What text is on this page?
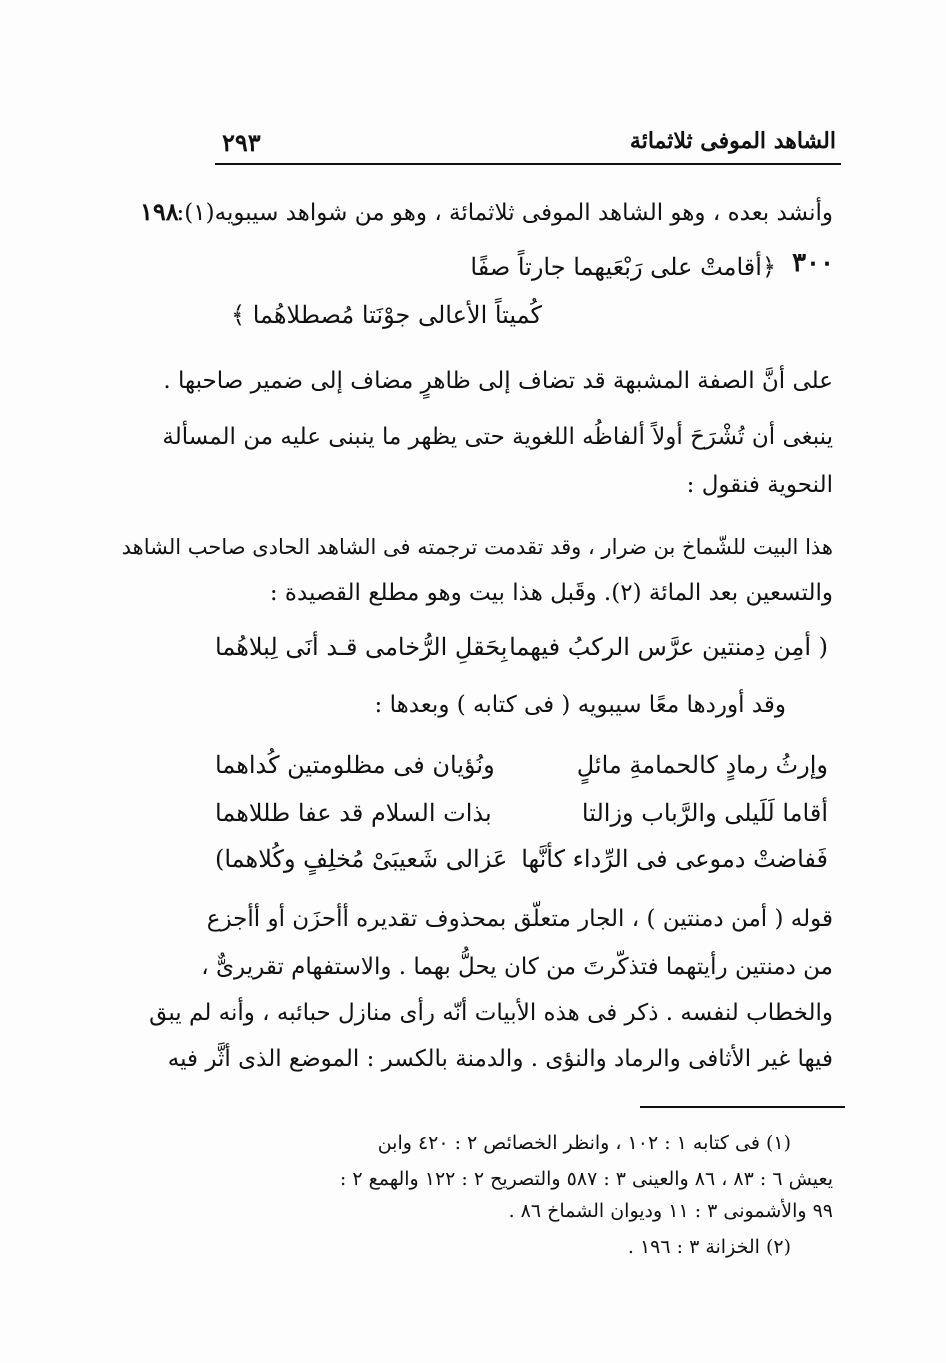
الشاهد الموفى ثلاثمائة
٢٩٣
١٩٨
وأنشد بعده ، وهو الشاهد الموفى ثلاثمائة ، وهو من شواهد سيبويه(١):
٣٠٠
﴿أقامتْ على رَبْعَيهما جارتاً صفًا
كُمیتاً الأعالی جوْنَتا مُصطلاهُما ﴾
على أنَّ الصفة المشبهة قد تضاف إلى ظاهرٍ مضاف إلى ضمير صاحبها .
ينبغی أن تُشْرَحَ أولاً ألفاظُه اللغوية حتى يظهر ما ينبنی عليه من المسألة
النحوية فنقول :
هذا البيت للشّماخ بن ضرار ، وقد تقدمت ترجمته فی الشاهد الحادی صاحب الشاهد
والتسعين بعد المائة (٢). وقَبل هذا بيت وهو مطلع القصيدة :
( أمِن دِمنتين عرَّس الركبُ فيهما
بِحَقلِ الرُّخامی قـد أنَی لِبلاهُما
وقد أوردها معًا سيبويه ( فی كتابه ) وبعدها :
وإرثُ رمادٍ كالحمامةِ مائلٍ
ونُؤيان فی مظلومتين كُداهما
أقاما لَلَيلى والرَّباب وزالتا
بذات السلام قد عفا طللاهما
فَفاضتْ دموعی فی الرِّداء كأنَّها
عَزالی شَعيبَیْ مُخلِفٍ وكُلاهما)
قوله ( أمن دمنتين ) ، الجار متعلّق بمحذوف تقديره أأحزَن أو أأجزع
من دمنتين رأيتهما فتذكّرتَ من كان يحلُّ بهما . والاستفهام تقريرىٌّ ،
والخطاب لنفسه . ذكر فی هذه الأبيات أنّه رأى منازل حبائبه ، وأنه لم يبق
فيها غير الأثافی والرماد والنؤی . والدمنة بالكسر : الموضع الذی أثَّر فيه
(١) فی كتابه ١ : ١٠٢ ، وانظر الخصائص ٢ : ٤٢٠ وابن
يعيش ٦ : ٨٣ ، ٨٦ والعينی ٣ : ٥٨٧ والتصريح ٢ : ١٢٢ والهمع ٢ :
٩٩ والأشمونی ٣ : ١١ وديوان الشماخ ٨٦ .
(٢) الخزانة ٣ : ١٩٦ .
